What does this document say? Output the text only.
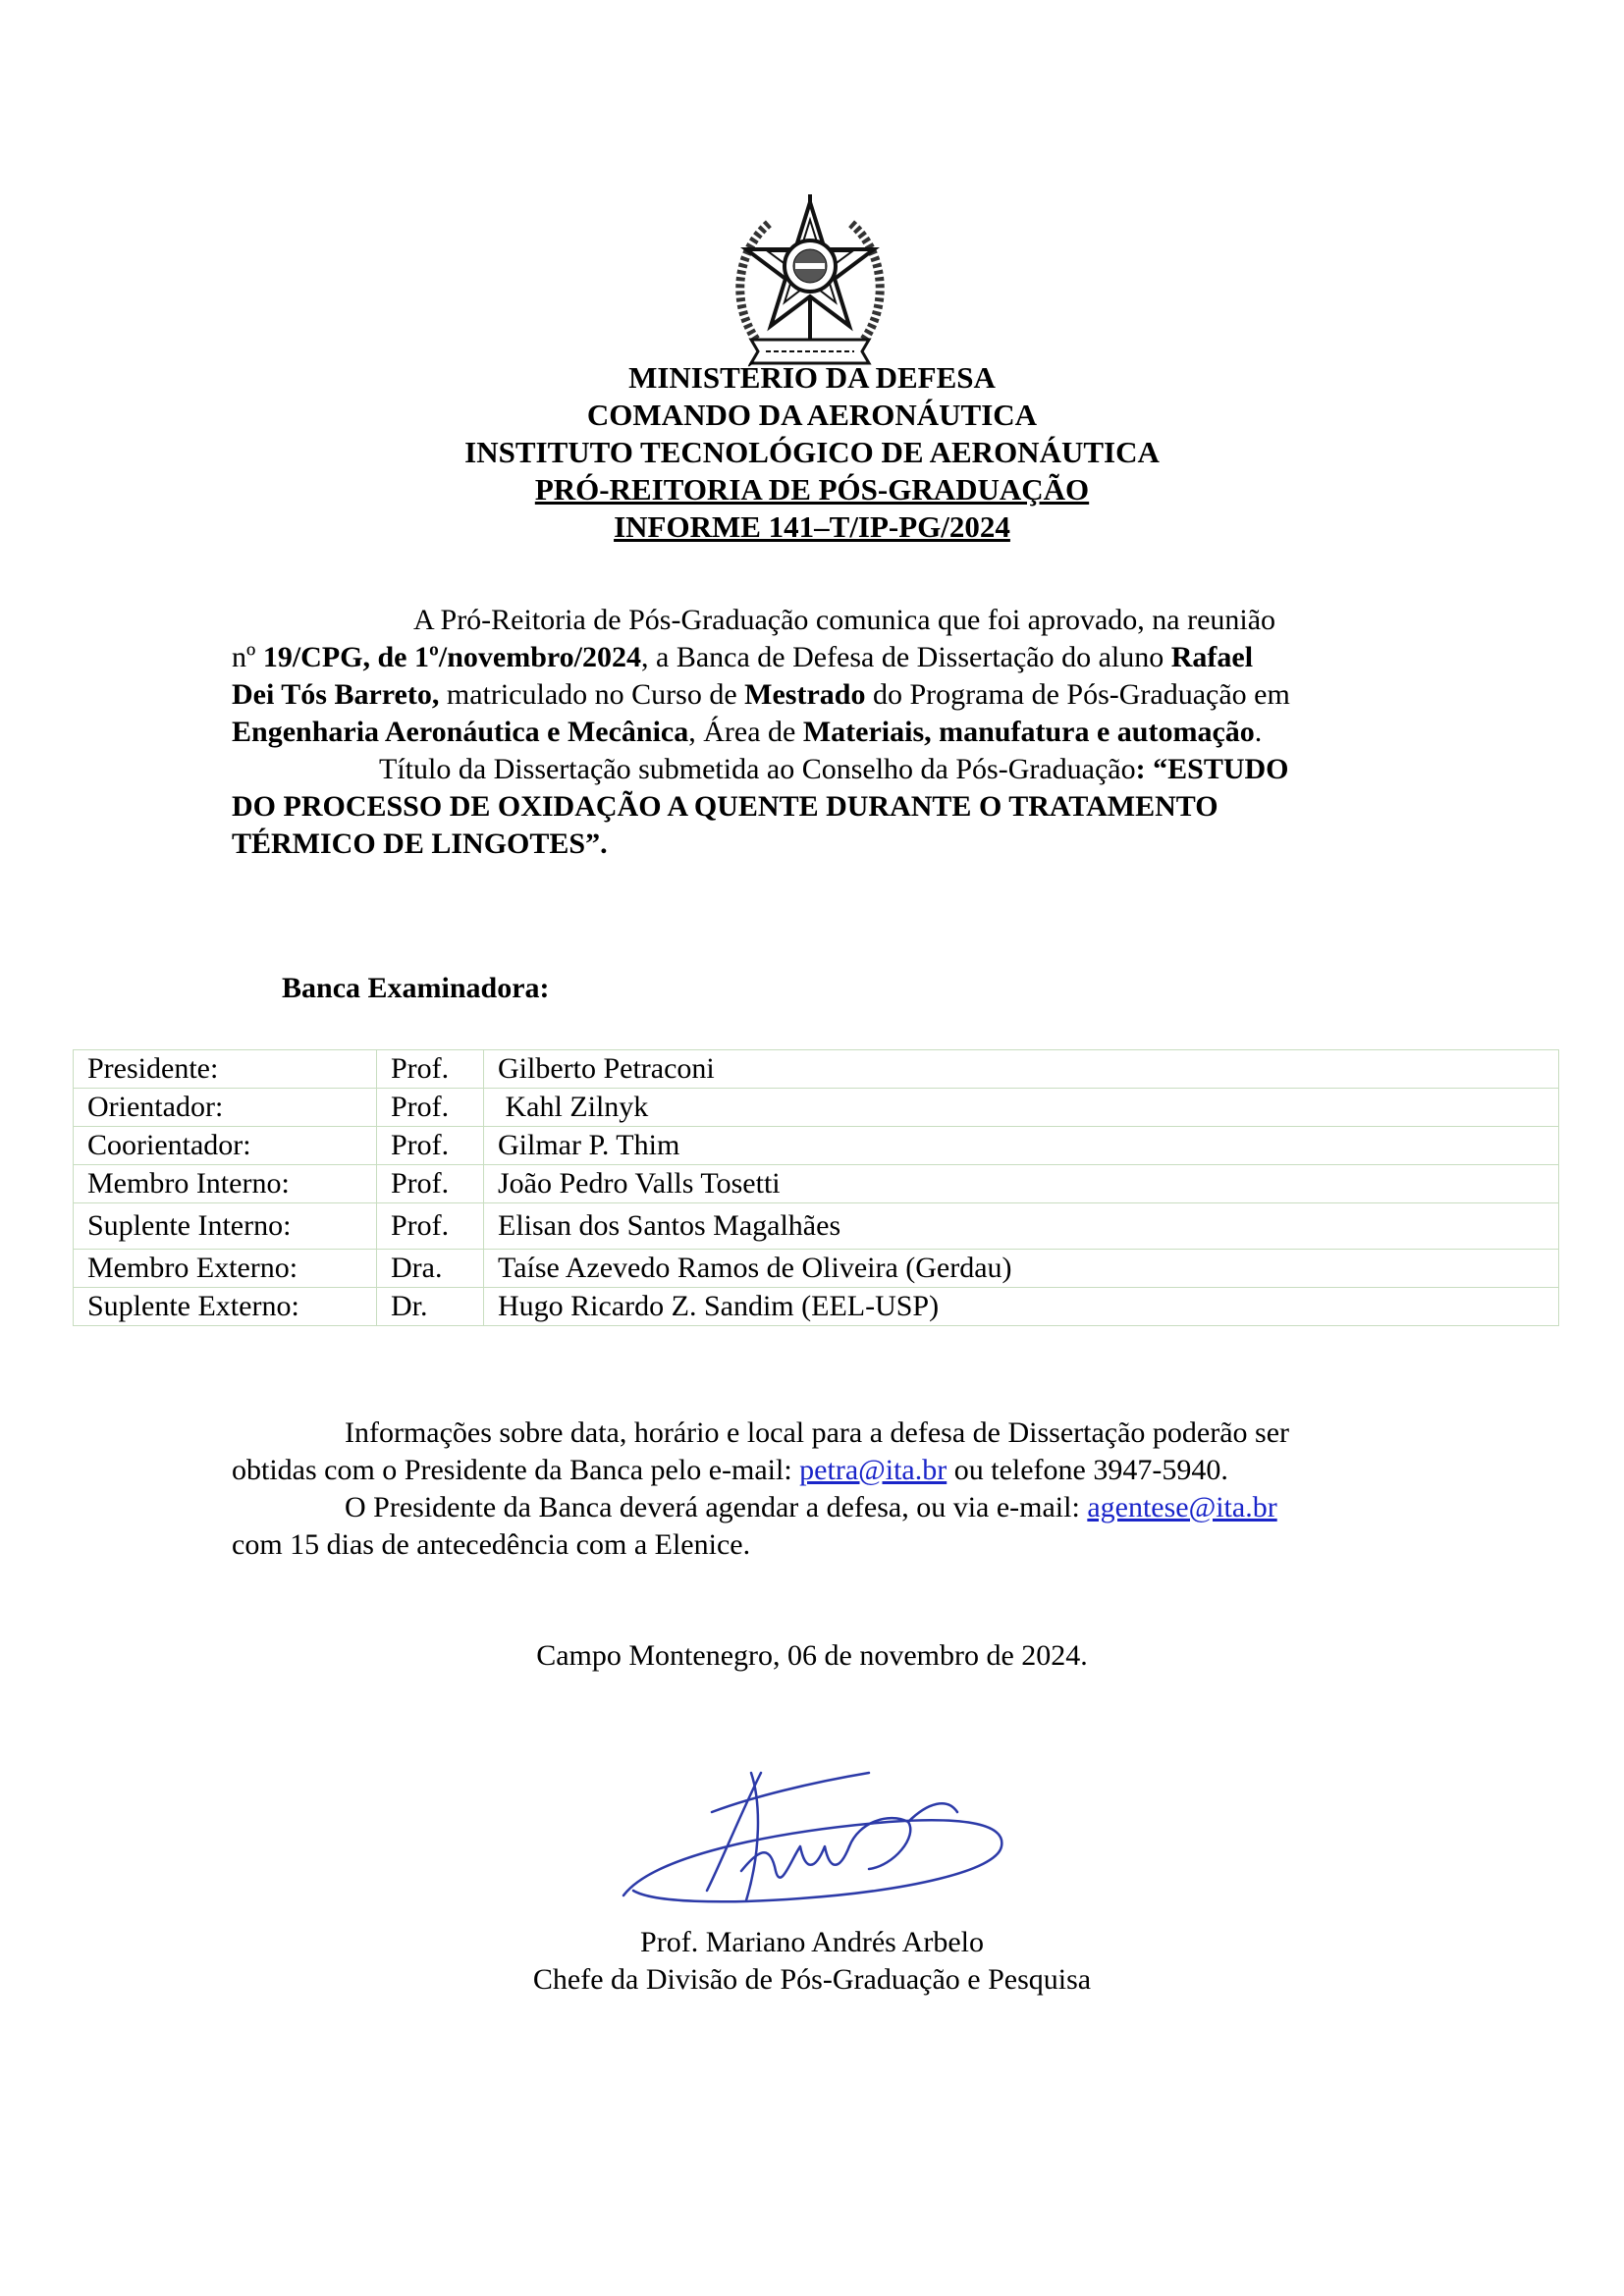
MINISTÉRIO DA DEFESA
COMANDO DA AERONÁUTICA
INSTITUTO TECNOLÓGICO DE AERONÁUTICA
PRÓ-REITORIA DE PÓS-GRADUAÇÃO
INFORME 141–T/IP-PG/2024

A Pró-Reitoria de Pós-Graduação comunica que foi aprovado, na reunião

nº 19/CPG, de 1º/novembro/2024, a Banca de Defesa de Dissertação do aluno Rafael

Dei Tós Barreto, matriculado no Curso de Mestrado do Programa de Pós-Graduação em

Engenharia Aeronáutica e Mecânica, Área de Materiais, manufatura e automação.

Título da Dissertação submetida ao Conselho da Pós-Graduação: “ESTUDO

DO PROCESSO DE OXIDAÇÃO A QUENTE DURANTE O TRATAMENTO

TÉRMICO DE LINGOTES”.

Banca Examinadora:
Presidente:	Prof.	Gilberto Petraconi
Orientador:	Prof.	Kahl Zilnyk
Coorientador:	Prof.	Gilmar P. Thim
Membro Interno:	Prof.	João Pedro Valls Tosetti
Suplente Interno:	Prof.	Elisan dos Santos Magalhães
Membro Externo:	Dra.	Taíse Azevedo Ramos de Oliveira (Gerdau)
Suplente Externo:	Dr.	Hugo Ricardo Z. Sandim (EEL-USP)

Informações sobre data, horário e local para a defesa de Dissertação poderão ser

obtidas com o Presidente da Banca pelo e-mail: petra@ita.br ou telefone 3947-5940.

O Presidente da Banca deverá agendar a defesa, ou via e-mail: agentese@ita.br

com 15 dias de antecedência com a Elenice.

Campo Montenegro, 06 de novembro de 2024.
Prof. Mariano Andrés Arbelo
Chefe da Divisão de Pós-Graduação e Pesquisa
